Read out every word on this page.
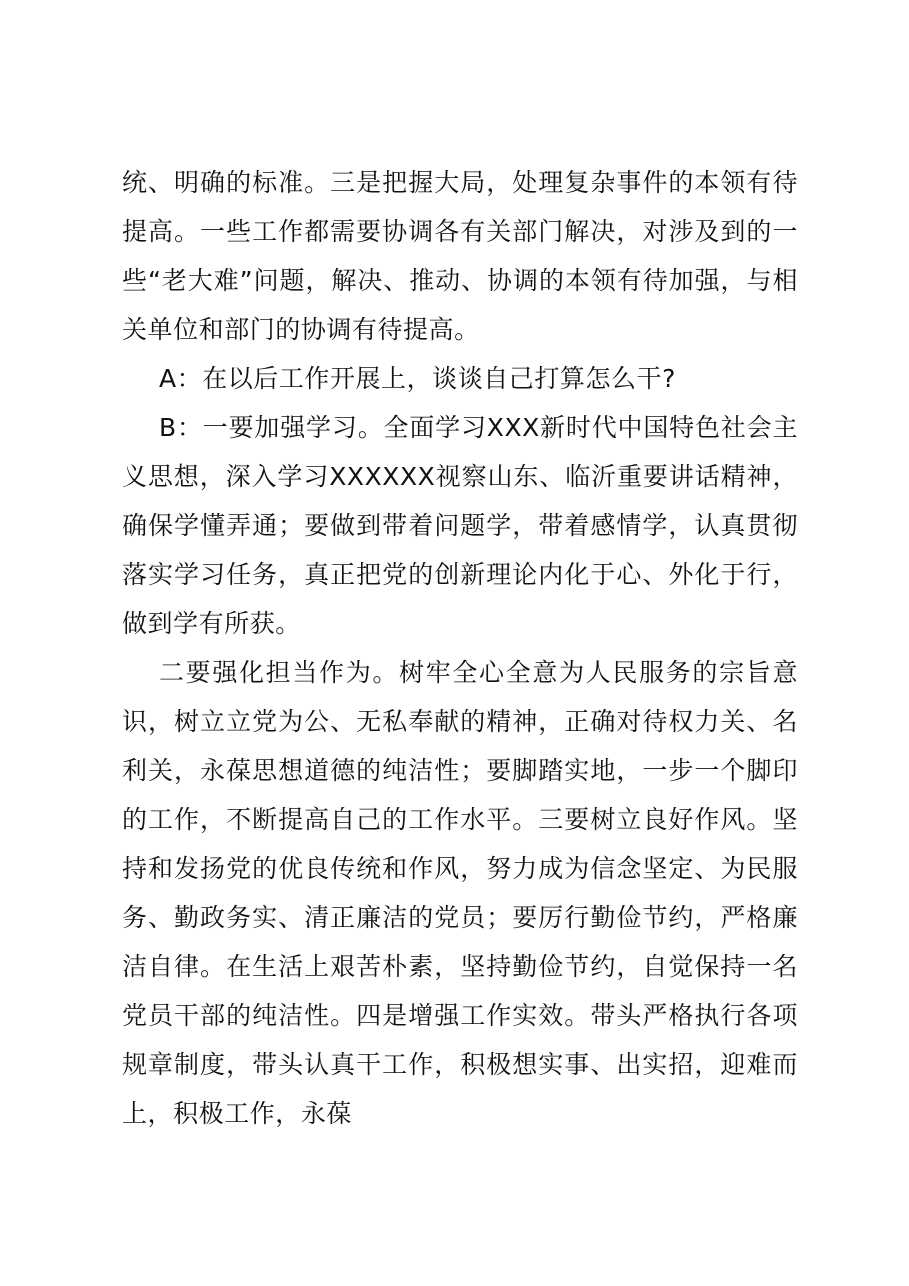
统、明确的标准。三是把握大局，处理复杂事件的本领有待提高。一些工作都需要协调各有关部门解决，对涉及到的一些“老大难”问题，解决、推动、协调的本领有待加强，与相关单位和部门的协调有待提高。

A：在以后工作开展上，谈谈自己打算怎么干?

B：一要加强学习。全面学习XXX新时代中国特色社会主义思想，深入学习XXXXXX视察山东、临沂重要讲话精神，确保学懂弄通；要做到带着问题学，带着感情学，认真贯彻落实学习任务，真正把党的创新理论内化于心、外化于行，做到学有所获。

二要强化担当作为。树牢全心全意为人民服务的宗旨意识，树立立党为公、无私奉献的精神，正确对待权力关、名利关，永葆思想道德的纯洁性；要脚踏实地，一步一个脚印的工作，不断提高自己的工作水平。三要树立良好作风。坚持和发扬党的优良传统和作风，努力成为信念坚定、为民服务、勤政务实、清正廉洁的党员；要厉行勤俭节约，严格廉洁自律。在生活上艰苦朴素，坚持勤俭节约，自觉保持一名党员干部的纯洁性。四是增强工作实效。带头严格执行各项规章制度，带头认真干工作，积极想实事、出实招，迎难而上，积极工作，永葆
